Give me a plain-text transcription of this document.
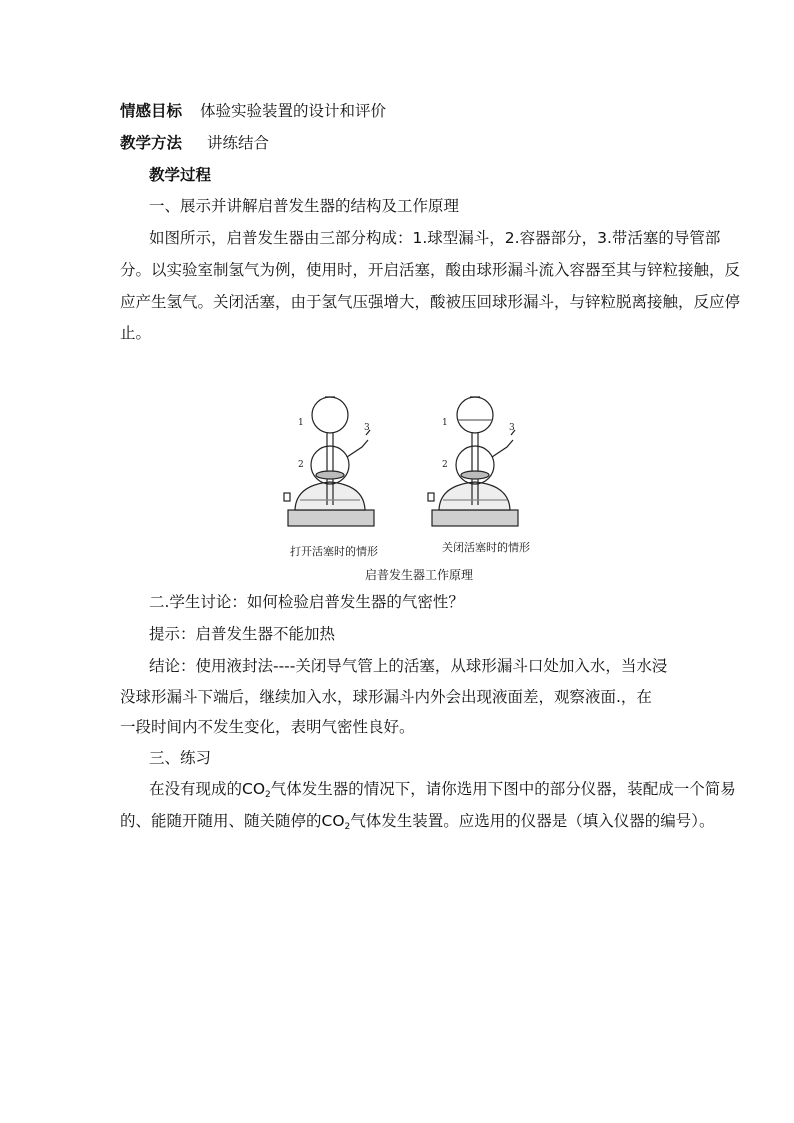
情感目标 体验实验装置的设计和评价
教学方法 讲练结合
教学过程
一、展示并讲解启普发生器的结构及工作原理
如图所示，启普发生器由三部分构成：1.球型漏斗，2.容器部分，3.带活塞的导管部
分。以实验室制氢气为例，使用时，开启活塞，酸由球形漏斗流入容器至其与锌粒接触，反
应产生氢气。关闭活塞，由于氢气压强增大，酸被压回球形漏斗，与锌粒脱离接触，反应停
止。
1
2
3	1
2
3
打开活塞时的情形	关闭活塞时的情形
启普发生器工作原理
二.学生讨论：如何检验启普发生器的气密性？
提示：启普发生器不能加热
结论：使用液封法----关闭导气管上的活塞，从球形漏斗口处加入水，当水浸
没球形漏斗下端后，继续加入水，球形漏斗内外会出现液面差，观察液面.，在
一段时间内不发生变化，表明气密性良好。
三、练习
在没有现成的$CO_2$气体发生器的情况下，请你选用下图中的部分仪器，装配成一个简易
的、能随开随用、随关随停的$CO_2$气体发生装置。应选用的仪器是（填入仪器的编号）。
